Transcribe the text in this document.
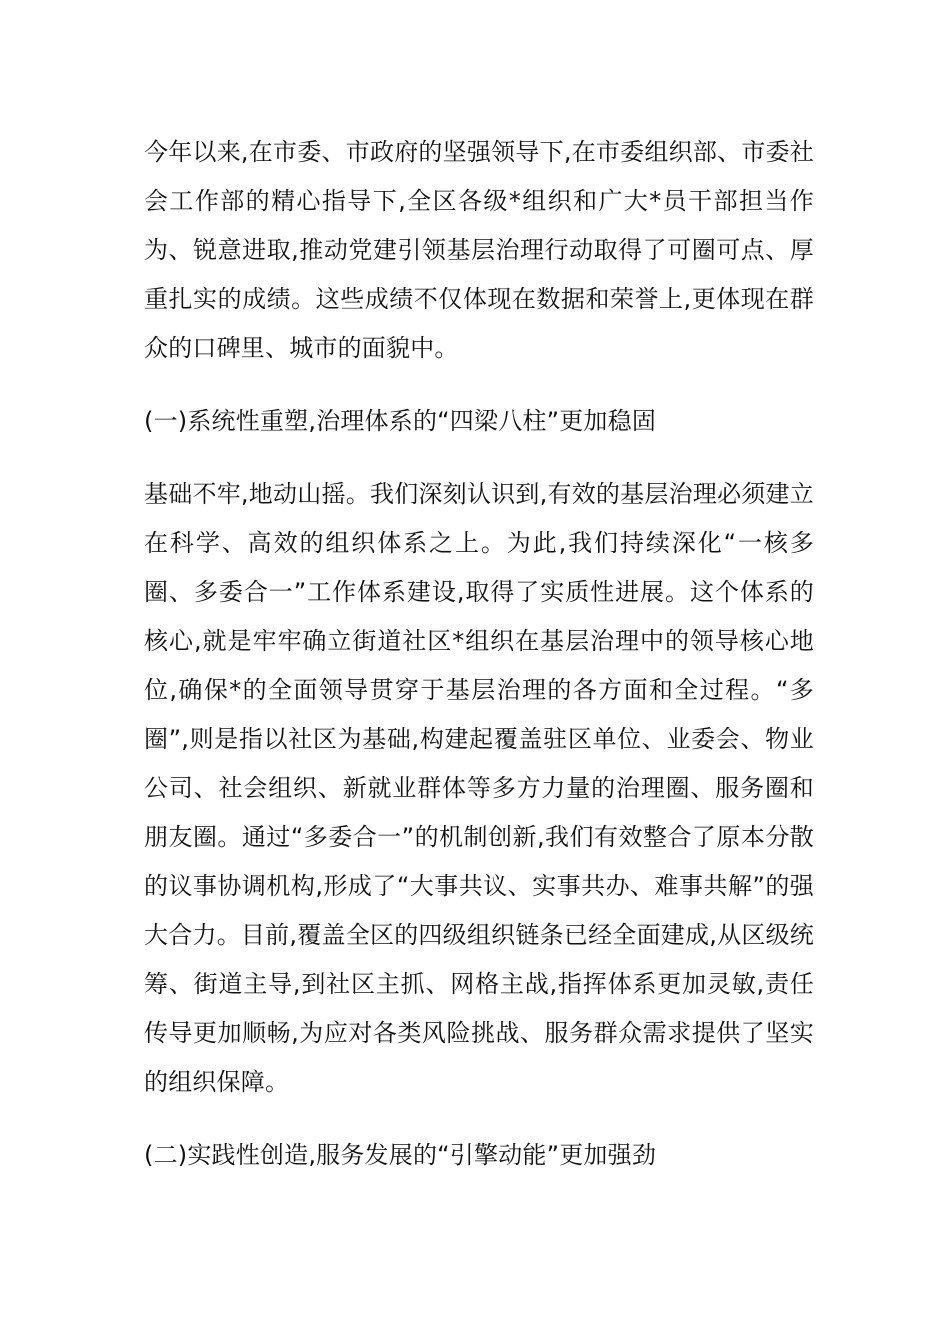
今年以来,在市委、市政府的坚强领导下,在市委组织部、市委社会工作部的精心指导下,全区各级*组织和广大*员干部担当作为、锐意进取,推动党建引领基层治理行动取得了可圈可点、厚重扎实的成绩。这些成绩不仅体现在数据和荣誉上,更体现在群众的口碑里、城市的面貌中。

(一)系统性重塑,治理体系的“四梁八柱”更加稳固

基础不牢,地动山摇。我们深刻认识到,有效的基层治理必须建立在科学、高效的组织体系之上。为此,我们持续深化“一核多圈、多委合一”工作体系建设,取得了实质性进展。这个体系的核心,就是牢牢确立街道社区*组织在基层治理中的领导核心地位,确保*的全面领导贯穿于基层治理的各方面和全过程。“多圈”,则是指以社区为基础,构建起覆盖驻区单位、业委会、物业公司、社会组织、新就业群体等多方力量的治理圈、服务圈和朋友圈。通过“多委合一”的机制创新,我们有效整合了原本分散的议事协调机构,形成了“大事共议、实事共办、难事共解”的强大合力。目前,覆盖全区的四级组织链条已经全面建成,从区级统筹、街道主导,到社区主抓、网格主战,指挥体系更加灵敏,责任传导更加顺畅,为应对各类风险挑战、服务群众需求提供了坚实的组织保障。

(二)实践性创造,服务发展的“引擎动能”更加强劲
